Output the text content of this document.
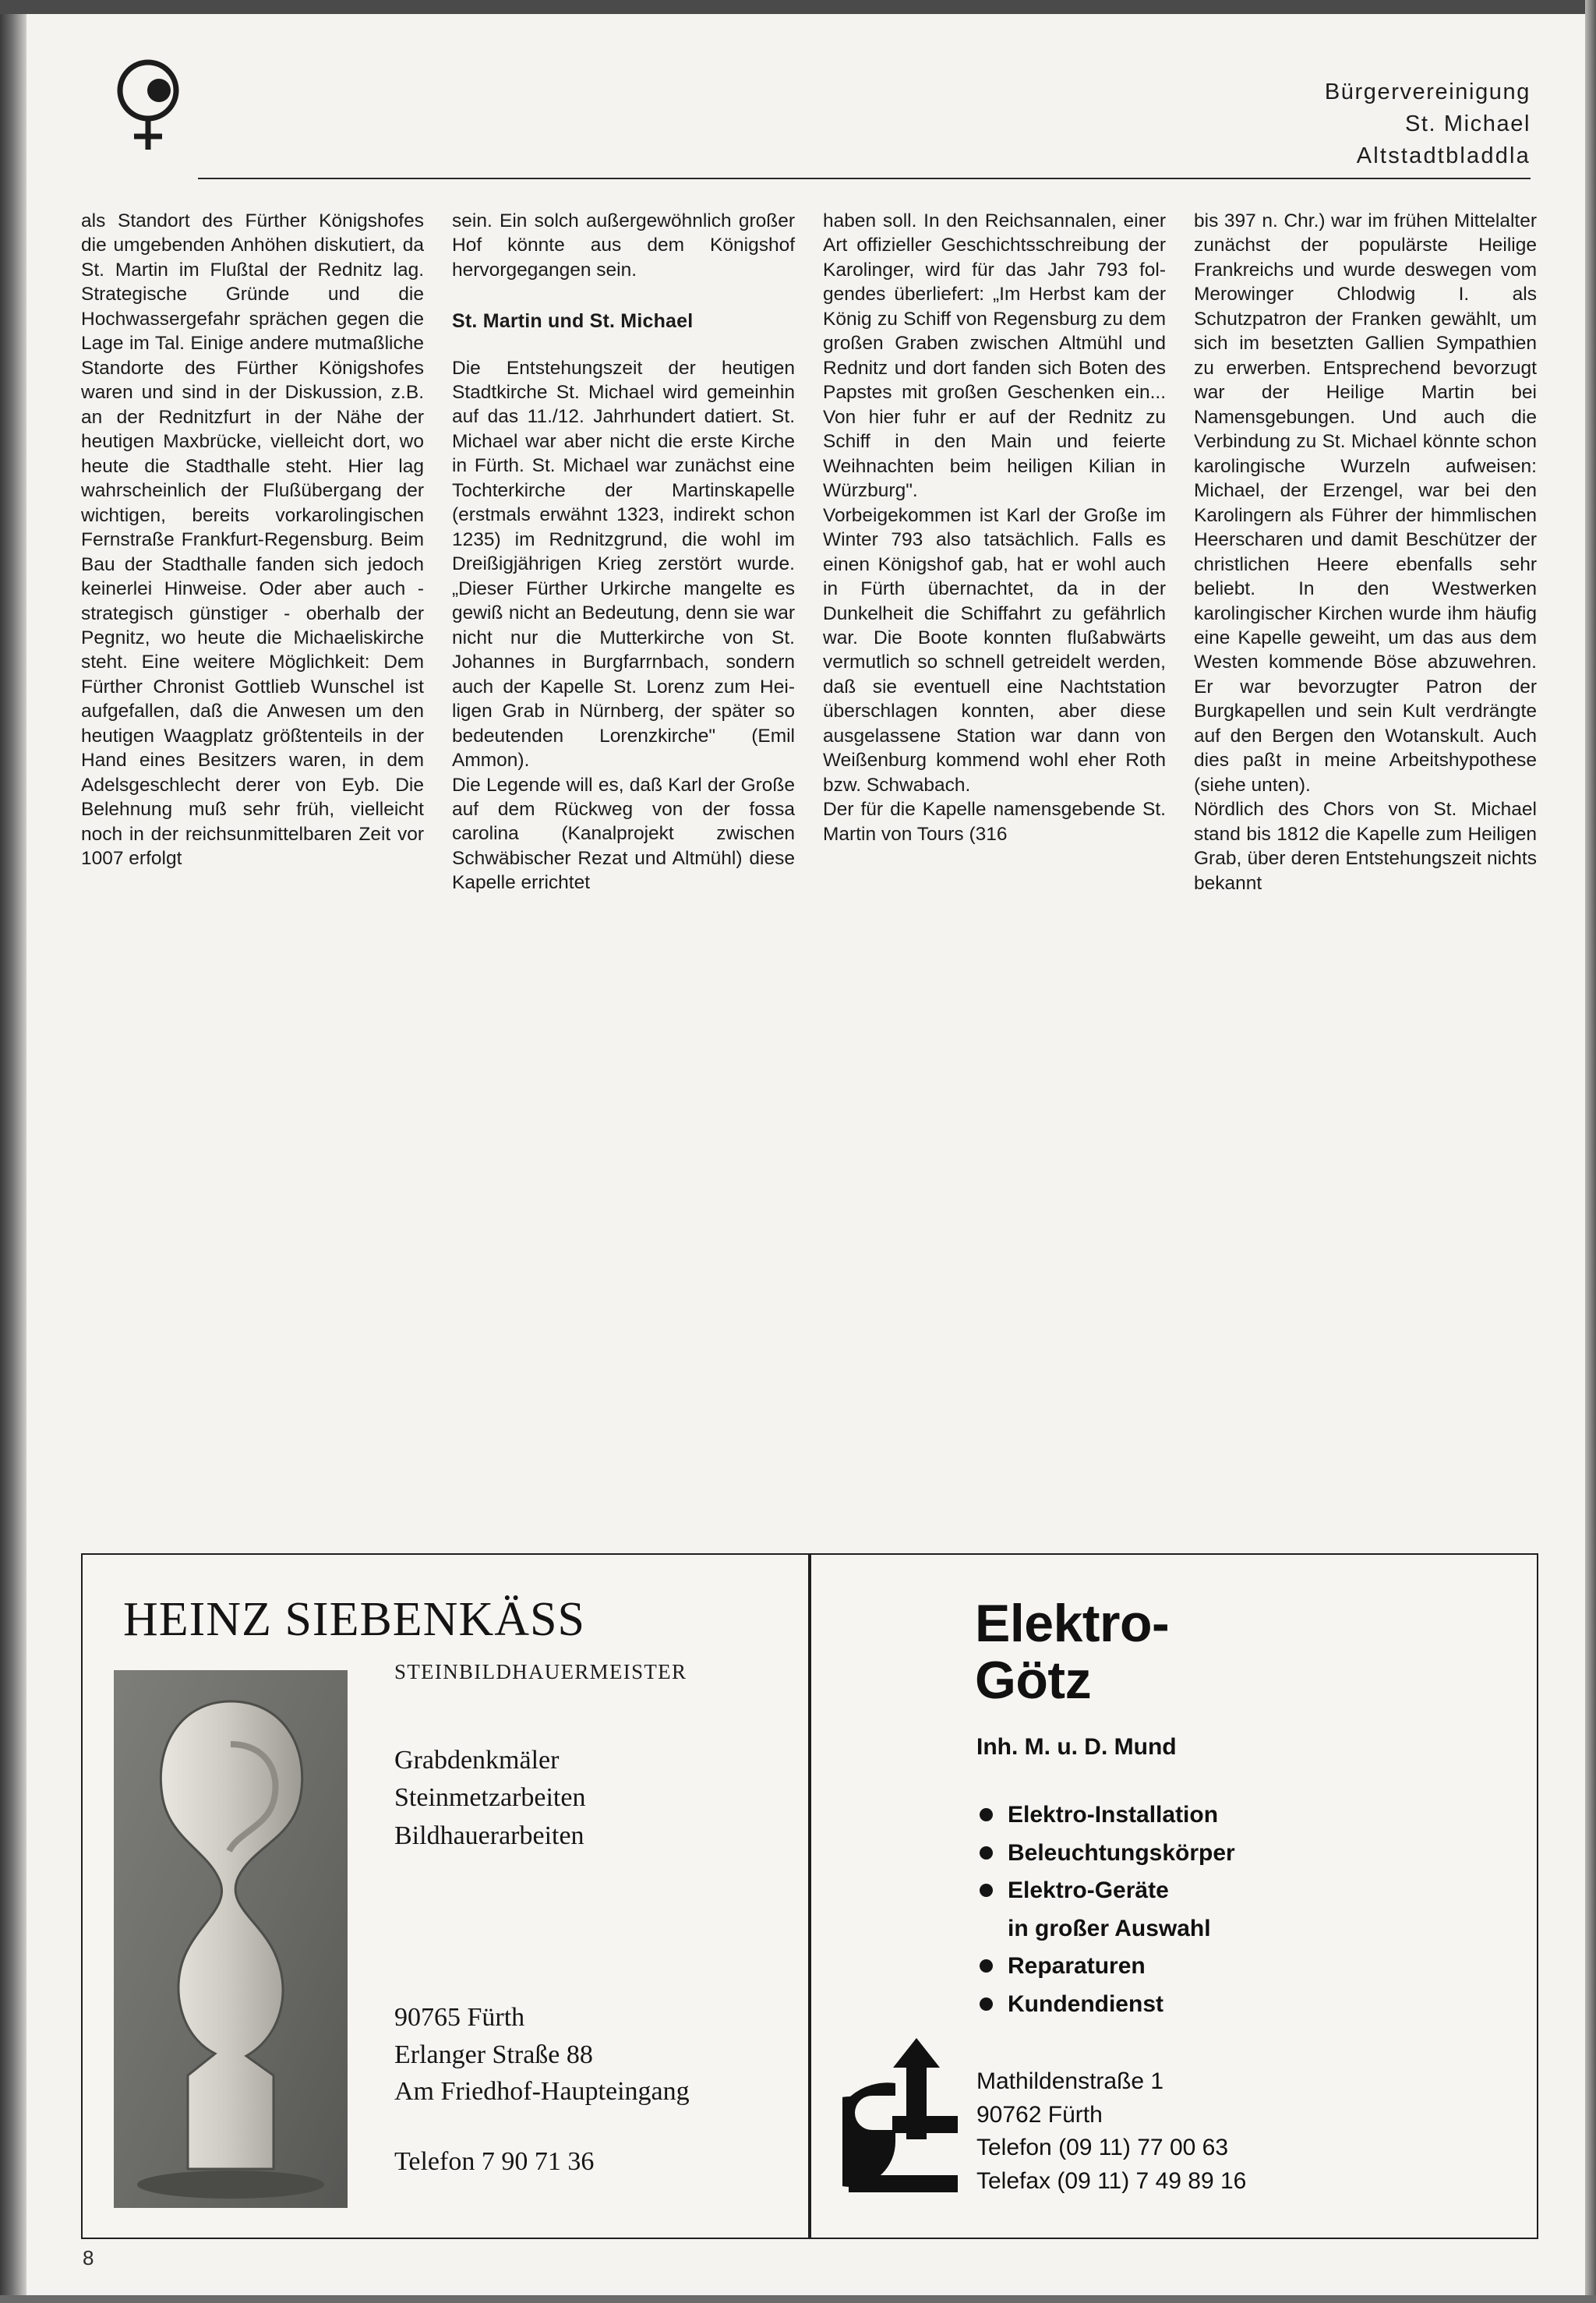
Bürgervereinigung
St. Michael
Altstadtbladdla

als Standort des Fürther Königshofes die umgebenden Anhöhen diskutiert, da St. Martin im Flußtal der Rednitz lag. Strategische Gründe und die Hochwassergefahr sprächen gegen die Lage im Tal. Einige andere mutmaßliche Standorte des Fürther Königshofes waren und sind in der Diskussion, z.B. an der Rednitzfurt in der Nähe der heutigen Maxbrücke, vielleicht dort, wo heute die Stadthalle steht. Hier lag wahrscheinlich der Flußübergang der wichtigen, bereits vorkarolingischen Fernstraße Frankfurt-Regensburg. Beim Bau der Stadthalle fanden sich jedoch keinerlei Hinweise. Oder aber auch - strategisch günstiger - oberhalb der Pegnitz, wo heute die Michaeliskirche steht. Eine weitere Möglichkeit: Dem Fürther Chronist Gottlieb Wunschel ist aufgefallen, daß die Anwesen um den heutigen Waagplatz größtenteils in der Hand eines Besitzers waren, in dem Adelsgeschlecht derer von Eyb. Die Belehnung muß sehr früh, vielleicht noch in der reichsunmittelbaren Zeit vor 1007 erfolgt

sein. Ein solch außergewöhnlich großer Hof könnte aus dem Königshof hervorgegangen sein.

St. Martin und St. Michael

Die Entstehungszeit der heutigen Stadtkirche St. Michael wird gemeinhin auf das 11./12. Jahrhundert datiert. St. Michael war aber nicht die erste Kirche in Fürth. St. Michael war zunächst eine Tochterkirche der Martinskapelle (erstmals erwähnt 1323, indirekt schon 1235) im Rednitzgrund, die wohl im Dreißigjährigen Krieg zerstört wurde. „Dieser Fürther Urkirche mangelte es gewiß nicht an Bedeutung, denn sie war nicht nur die Mutterkirche von St. Johannes in Burgfarrnbach, sondern auch der Kapelle St. Lorenz zum Heiligen Grab in Nürnberg, der später so bedeutenden Lorenzkirche" (Emil Ammon).

Die Legende will es, daß Karl der Große auf dem Rückweg von der fossa carolina (Kanalprojekt zwischen Schwäbischer Rezat und Altmühl) diese Kapelle errichtet

haben soll. In den Reichsannalen, einer Art offizieller Geschichtsschreibung der Karolinger, wird für das Jahr 793 folgendes überliefert: „Im Herbst kam der König zu Schiff von Regensburg zu dem großen Graben zwischen Altmühl und Rednitz und dort fanden sich Boten des Papstes mit großen Geschenken ein... Von hier fuhr er auf der Rednitz zu Schiff in den Main und feierte Weihnachten beim heiligen Kilian in Würzburg".

Vorbeigekommen ist Karl der Große im Winter 793 also tatsächlich. Falls es einen Königshof gab, hat er wohl auch in Fürth übernachtet, da in der Dunkelheit die Schiffahrt zu gefährlich war. Die Boote konnten flußabwärts vermutlich so schnell getreidelt werden, daß sie eventuell eine Nachtstation überschlagen konnten, aber diese ausgelassene Station war dann von Weißenburg kommend wohl eher Roth bzw. Schwabach.

Der für die Kapelle namensgebende St. Martin von Tours (316

bis 397 n. Chr.) war im frühen Mittelalter zunächst der populärste Heilige Frankreichs und wurde deswegen vom Merowinger Chlodwig I. als Schutzpatron der Franken gewählt, um sich im besetzten Gallien Sympathien zu erwerben. Entsprechend bevorzugt war der Heilige Martin bei Namensgebungen. Und auch die Verbindung zu St. Michael könnte schon karolingische Wurzeln aufweisen: Michael, der Erzengel, war bei den Karolingern als Führer der himmlischen Heerscharen und damit Beschützer der christlichen Heere ebenfalls sehr beliebt. In den Westwerken karolingischer Kirchen wurde ihm häufig eine Kapelle geweiht, um das aus dem Westen kommende Böse abzuwehren. Er war bevorzugter Patron der Burgkapellen und sein Kult verdrängte auf den Bergen den Wotanskult. Auch dies paßt in meine Arbeitshypothese (siehe unten).

Nördlich des Chors von St. Michael stand bis 1812 die Kapelle zum Heiligen Grab, über deren Entstehungszeit nichts bekannt

HEINZ SIEBENKÄSS
STEINBILDHAUERMEISTER
Grabdenkmäler
Steinmetzarbeiten
Bildhauerarbeiten
90765 Fürth
Erlanger Straße 88
Am Friedhof-Haupteingang
Telefon 7 90 71 36
Elektro-
Götz
Inh. M. u. D. Mund
Elektro-Installation
Beleuchtungskörper
Elektro-Geräte
in großer Auswahl
Reparaturen
Kundendienst
Mathildenstraße 1
90762 Fürth
Telefon (09 11) 77 00 63
Telefax (09 11) 7 49 89 16
8
